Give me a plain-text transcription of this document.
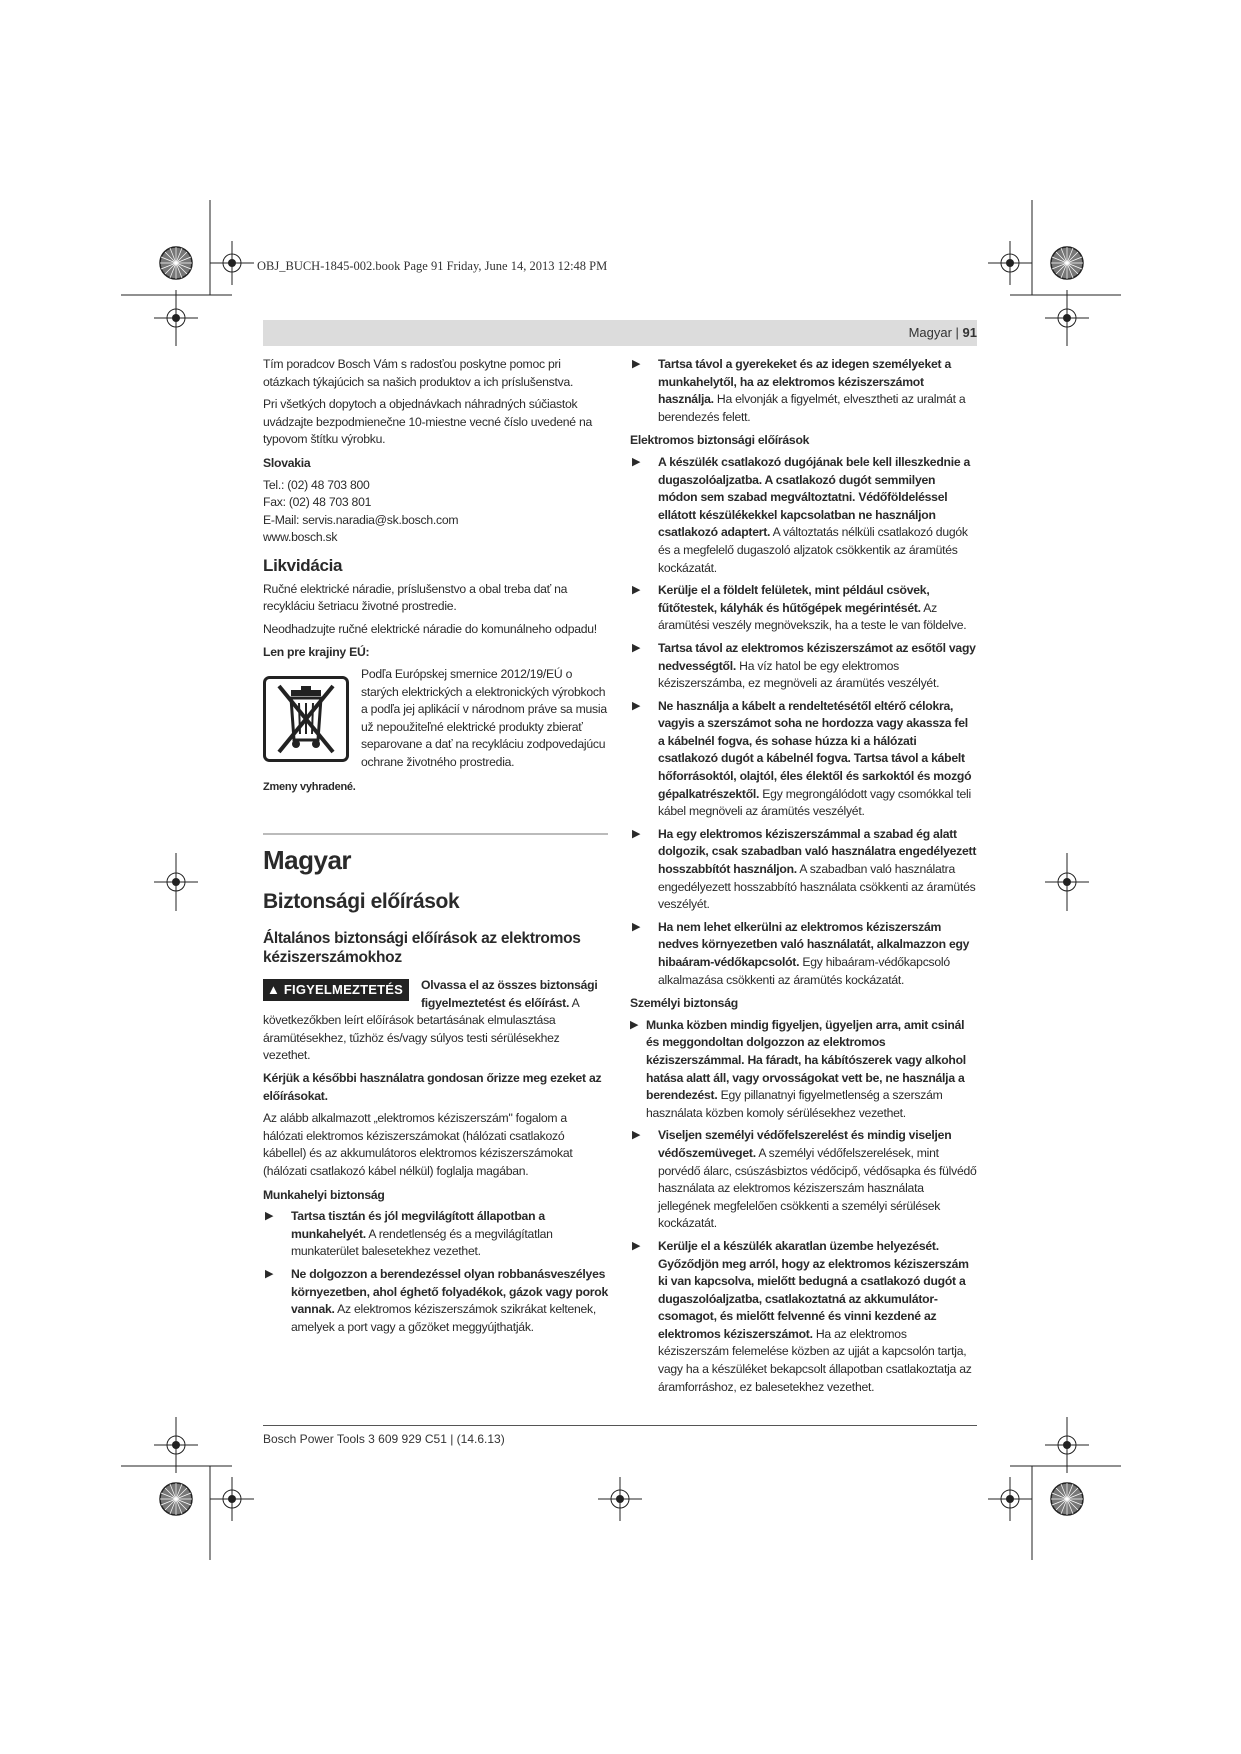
OBJ_BUCH-1845-002.book Page 91 Friday, June 14, 2013 12:48 PM
Magyar | 91

Tím poradcov Bosch Vám s radosťou poskytne pomoc pri otázkach týkajúcich sa našich produktov a ich príslušenstva.

Pri všetkých dopytoch a objednávkach náhradných súčiastok uvádzajte bezpodmienečne 10-miestne vecné číslo uvedené na typovom štítku výrobku.

Slovakia
Tel.: (02) 48 703 800
Fax: (02) 48 703 801
E-Mail: servis.naradia@sk.bosch.com
www.bosch.sk
Likvidácia

Ručné elektrické náradie, príslušenstvo a obal treba dať na recykláciu šetriacu životné prostredie.

Neodhadzujte ručné elektrické náradie do komunálneho odpadu!

Len pre krajiny EÚ:
Podľa Európskej smernice 2012/19/EÚ o starých elektrických a elektronických výrobkoch a podľa jej aplikácií v národnom práve sa musia už nepoužiteľné elektrické produkty zbierať separovane a dať na recykláciu zodpovedajúcu ochrane životného prostredia.
Zmeny vyhradené.
Magyar
Biztonsági előírások
Általános biztonsági előírások az elektromos kéziszerszámokhoz

▲ FIGYELMEZTETÉS	Olvassa el az összes biztonsági figyelmeztetést és előírást. A következőkben leírt előírások betartásának elmulasztása áramütésekhez, tűzhöz és/vagy súlyos testi sérülésekhez vezethet.

Kérjük a későbbi használatra gondosan őrizze meg ezeket az előírásokat.

Az alább alkalmazott „elektromos kéziszerszám" fogalom a hálózati elektromos kéziszerszámokat (hálózati csatlakozó kábellel) és az akkumulátoros elektromos kéziszerszámokat (hálózati csatlakozó kábel nélkül) foglalja magában.

Munkahelyi biztonság
▶ Tartsa tisztán és jól megvilágított állapotban a munkahelyét. A rendetlenség és a megvilágítatlan munkaterület balesetekhez vezethet.
▶ Ne dolgozzon a berendezéssel olyan robbanásveszélyes környezetben, ahol éghető folyadékok, gázok vagy porok vannak. Az elektromos kéziszerszámok szikrákat keltenek, amelyek a port vagy a gőzöket meggyújthatják.
▶ Tartsa távol a gyerekeket és az idegen személyeket a munkahelytől, ha az elektromos kéziszerszámot használja. Ha elvonják a figyelmét, elvesztheti az uralmát a berendezés felett.
Elektromos biztonsági előírások
▶ A készülék csatlakozó dugójának bele kell illeszkednie a dugaszolóaljzatba. A csatlakozó dugót semmilyen módon sem szabad megváltoztatni. Védőföldeléssel ellátott készülékekkel kapcsolatban ne használjon csatlakozó adaptert. A változtatás nélküli csatlakozó dugók és a megfelelő dugaszoló aljzatok csökkentik az áramütés kockázatát.
▶ Kerülje el a földelt felületek, mint például csövek, fűtőtestek, kályhák és hűtőgépek megérintését. Az áramütési veszély megnövekszik, ha a teste le van földelve.
▶ Tartsa távol az elektromos kéziszerszámot az esőtől vagy nedvességtől. Ha víz hatol be egy elektromos kéziszerszámba, ez megnöveli az áramütés veszélyét.
▶ Ne használja a kábelt a rendeltetésétől eltérő célokra, vagyis a szerszámot soha ne hordozza vagy akassza fel a kábelnél fogva, és sohase húzza ki a hálózati csatlakozó dugót a kábelnél fogva. Tartsa távol a kábelt hőforrásoktól, olajtól, éles élektől és sarkoktól és mozgó gépalkatrészektől. Egy megrongálódott vagy csomókkal teli kábel megnöveli az áramütés veszélyét.
▶ Ha egy elektromos kéziszerszámmal a szabad ég alatt dolgozik, csak szabadban való használatra engedélyezett hosszabbítót használjon. A szabadban való használatra engedélyezett hosszabbító használata csökkenti az áramütés veszélyét.
▶ Ha nem lehet elkerülni az elektromos kéziszerszám nedves környezetben való használatát, alkalmazzon egy hibaáram-védőkapcsolót. Egy hibaáram-védőkapcsoló alkalmazása csökkenti az áramütés kockázatát.
Személyi biztonság
▶ Munka közben mindig figyeljen, ügyeljen arra, amit csinál és meggondoltan dolgozzon az elektromos kéziszerszámmal. Ha fáradt, ha kábítószerek vagy alkohol hatása alatt áll, vagy orvosságokat vett be, ne használja a berendezést. Egy pillanatnyi figyelmetlenség a szerszám használata közben komoly sérülésekhez vezethet.
▶ Viseljen személyi védőfelszerelést és mindig viseljen védőszemüveget. A személyi védőfelszerelések, mint porvédő álarc, csúszásbiztos védőcipő, védősapka és fülvédő használata az elektromos kéziszerszám használata jellegének megfelelően csökkenti a személyi sérülések kockázatát.
▶ Kerülje el a készülék akaratlan üzembe helyezését. Győződjön meg arról, hogy az elektromos kéziszerszám ki van kapcsolva, mielőtt bedugná a csatlakozó dugót a dugaszolóaljzatba, csatlakoztatná az akkumulátor-csomagot, és mielőtt felvenné és vinni kezdené az elektromos kéziszerszámot. Ha az elektromos kéziszerszám felemelése közben az ujját a kapcsolón tartja, vagy ha a készüléket bekapcsolt állapotban csatlakoztatja az áramforráshoz, ez balesetekhez vezethet.
Bosch Power Tools 3 609 929 C51 | (14.6.13)
